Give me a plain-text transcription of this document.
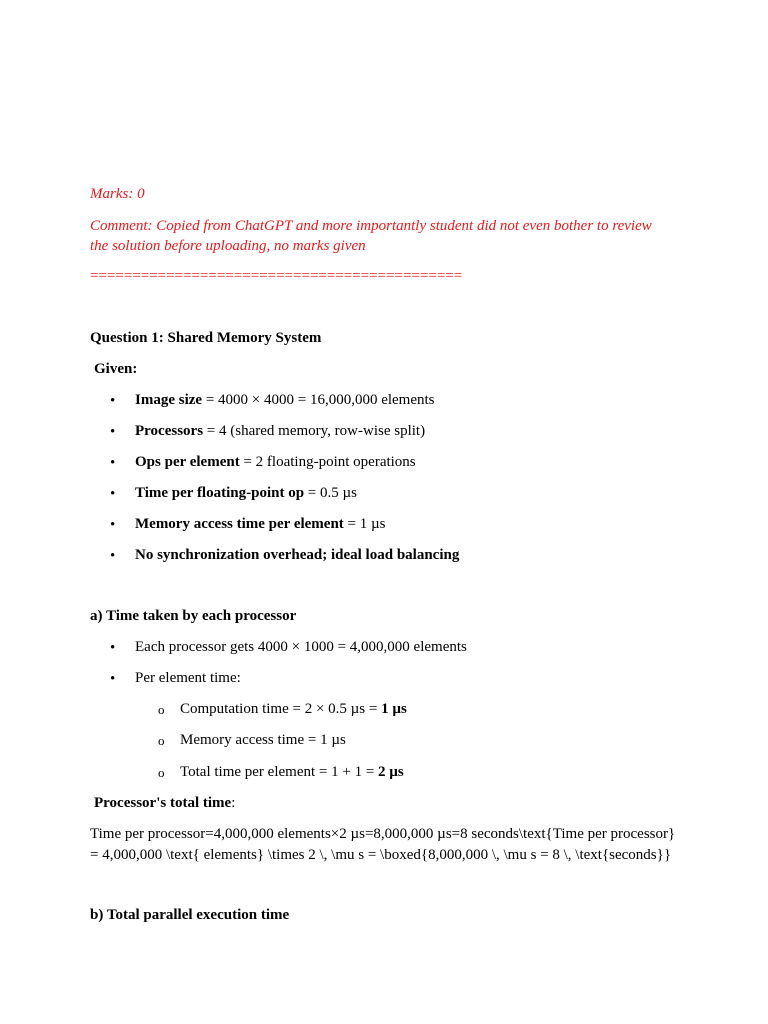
Marks: 0
Comment: Copied from ChatGPT and more importantly student did not even bother to review
the solution before uploading, no marks given
============================================
Question 1: Shared Memory System
Given:
• Image size = 4000 × 4000 = 16,000,000 elements
• Processors = 4 (shared memory, row-wise split)
• Ops per element = 2 floating-point operations
• Time per floating-point op = 0.5 µs
• Memory access time per element = 1 µs
• No synchronization overhead; ideal load balancing
a) Time taken by each processor
• Each processor gets 4000 × 1000 = 4,000,000 elements
• Per element time:
o Computation time = 2 × 0.5 µs = 1 µs
o Memory access time = 1 µs
o Total time per element = 1 + 1 = 2 µs
Processor's total time:
Time per processor=4,000,000 elements×2 µs=8,000,000 µs=8 seconds\text{Time per processor}
= 4,000,000 \text{ elements} \times 2 \, \mu s = \boxed{8,000,000 \, \mu s = 8 \, \text{seconds}}
b) Total parallel execution time
